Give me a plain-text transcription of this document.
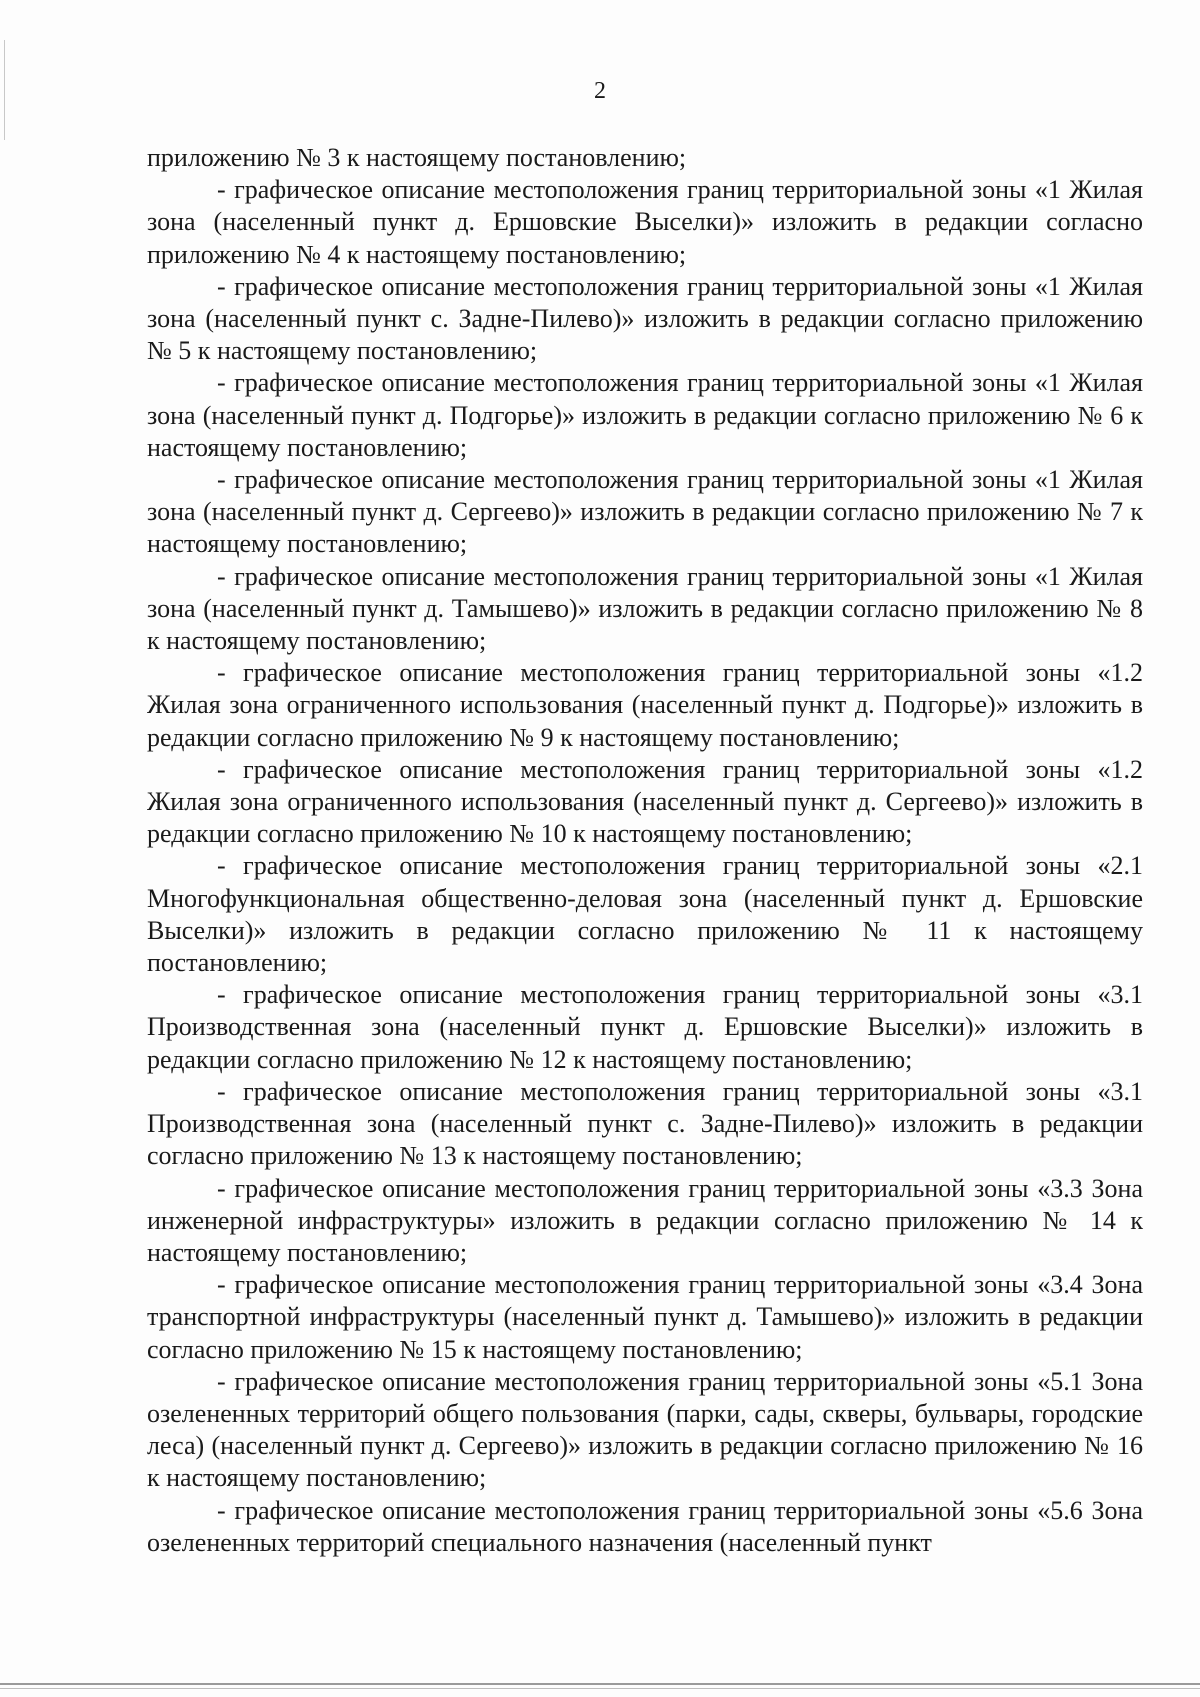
2

приложению № 3 к настоящему постановлению;

- графическое описание местоположения границ территориальной зоны «1 Жилая зона (населенный пункт д. Ершовские Выселки)» изложить в редакции согласно приложению № 4 к настоящему постановлению;

- графическое описание местоположения границ территориальной зоны «1 Жилая зона (населенный пункт с. Задне-Пилево)» изложить в редакции согласно приложению № 5 к настоящему постановлению;

- графическое описание местоположения границ территориальной зоны «1 Жилая зона (населенный пункт д. Подгорье)» изложить в редакции согласно приложению № 6 к настоящему постановлению;

- графическое описание местоположения границ территориальной зоны «1 Жилая зона (населенный пункт д. Сергеево)» изложить в редакции согласно приложению № 7 к настоящему постановлению;

- графическое описание местоположения границ территориальной зоны «1 Жилая зона (населенный пункт д. Тамышево)» изложить в редакции согласно приложению № 8 к настоящему постановлению;

- графическое описание местоположения границ территориальной зоны «1.2 Жилая зона ограниченного использования (населенный пункт д. Подгорье)» изложить в редакции согласно приложению № 9 к настоящему постановлению;

- графическое описание местоположения границ территориальной зоны «1.2 Жилая зона ограниченного использования (населенный пункт д. Сергеево)» изложить в редакции согласно приложению № 10 к настоящему постановлению;

- графическое описание местоположения границ территориальной зоны «2.1 Многофункциональная общественно-деловая зона (населенный пункт д. Ершовские Выселки)» изложить в редакции согласно приложению № 11 к настоящему постановлению;

- графическое описание местоположения границ территориальной зоны «3.1 Производственная зона (населенный пункт д. Ершовские Выселки)» изложить в редакции согласно приложению № 12 к настоящему постановлению;

- графическое описание местоположения границ территориальной зоны «3.1 Производственная зона (населенный пункт с. Задне-Пилево)» изложить в редакции согласно приложению № 13 к настоящему постановлению;

- графическое описание местоположения границ территориальной зоны «3.3 Зона инженерной инфраструктуры» изложить в редакции согласно приложению № 14 к настоящему постановлению;

- графическое описание местоположения границ территориальной зоны «3.4 Зона транспортной инфраструктуры (населенный пункт д. Тамышево)» изложить в редакции согласно приложению № 15 к настоящему постановлению;

- графическое описание местоположения границ территориальной зоны «5.1 Зона озелененных территорий общего пользования (парки, сады, скверы, бульвары, городские леса) (населенный пункт д. Сергеево)» изложить в редакции согласно приложению № 16 к настоящему постановлению;

- графическое описание местоположения границ территориальной зоны «5.6 Зона озелененных территорий специального назначения (населенный пункт
